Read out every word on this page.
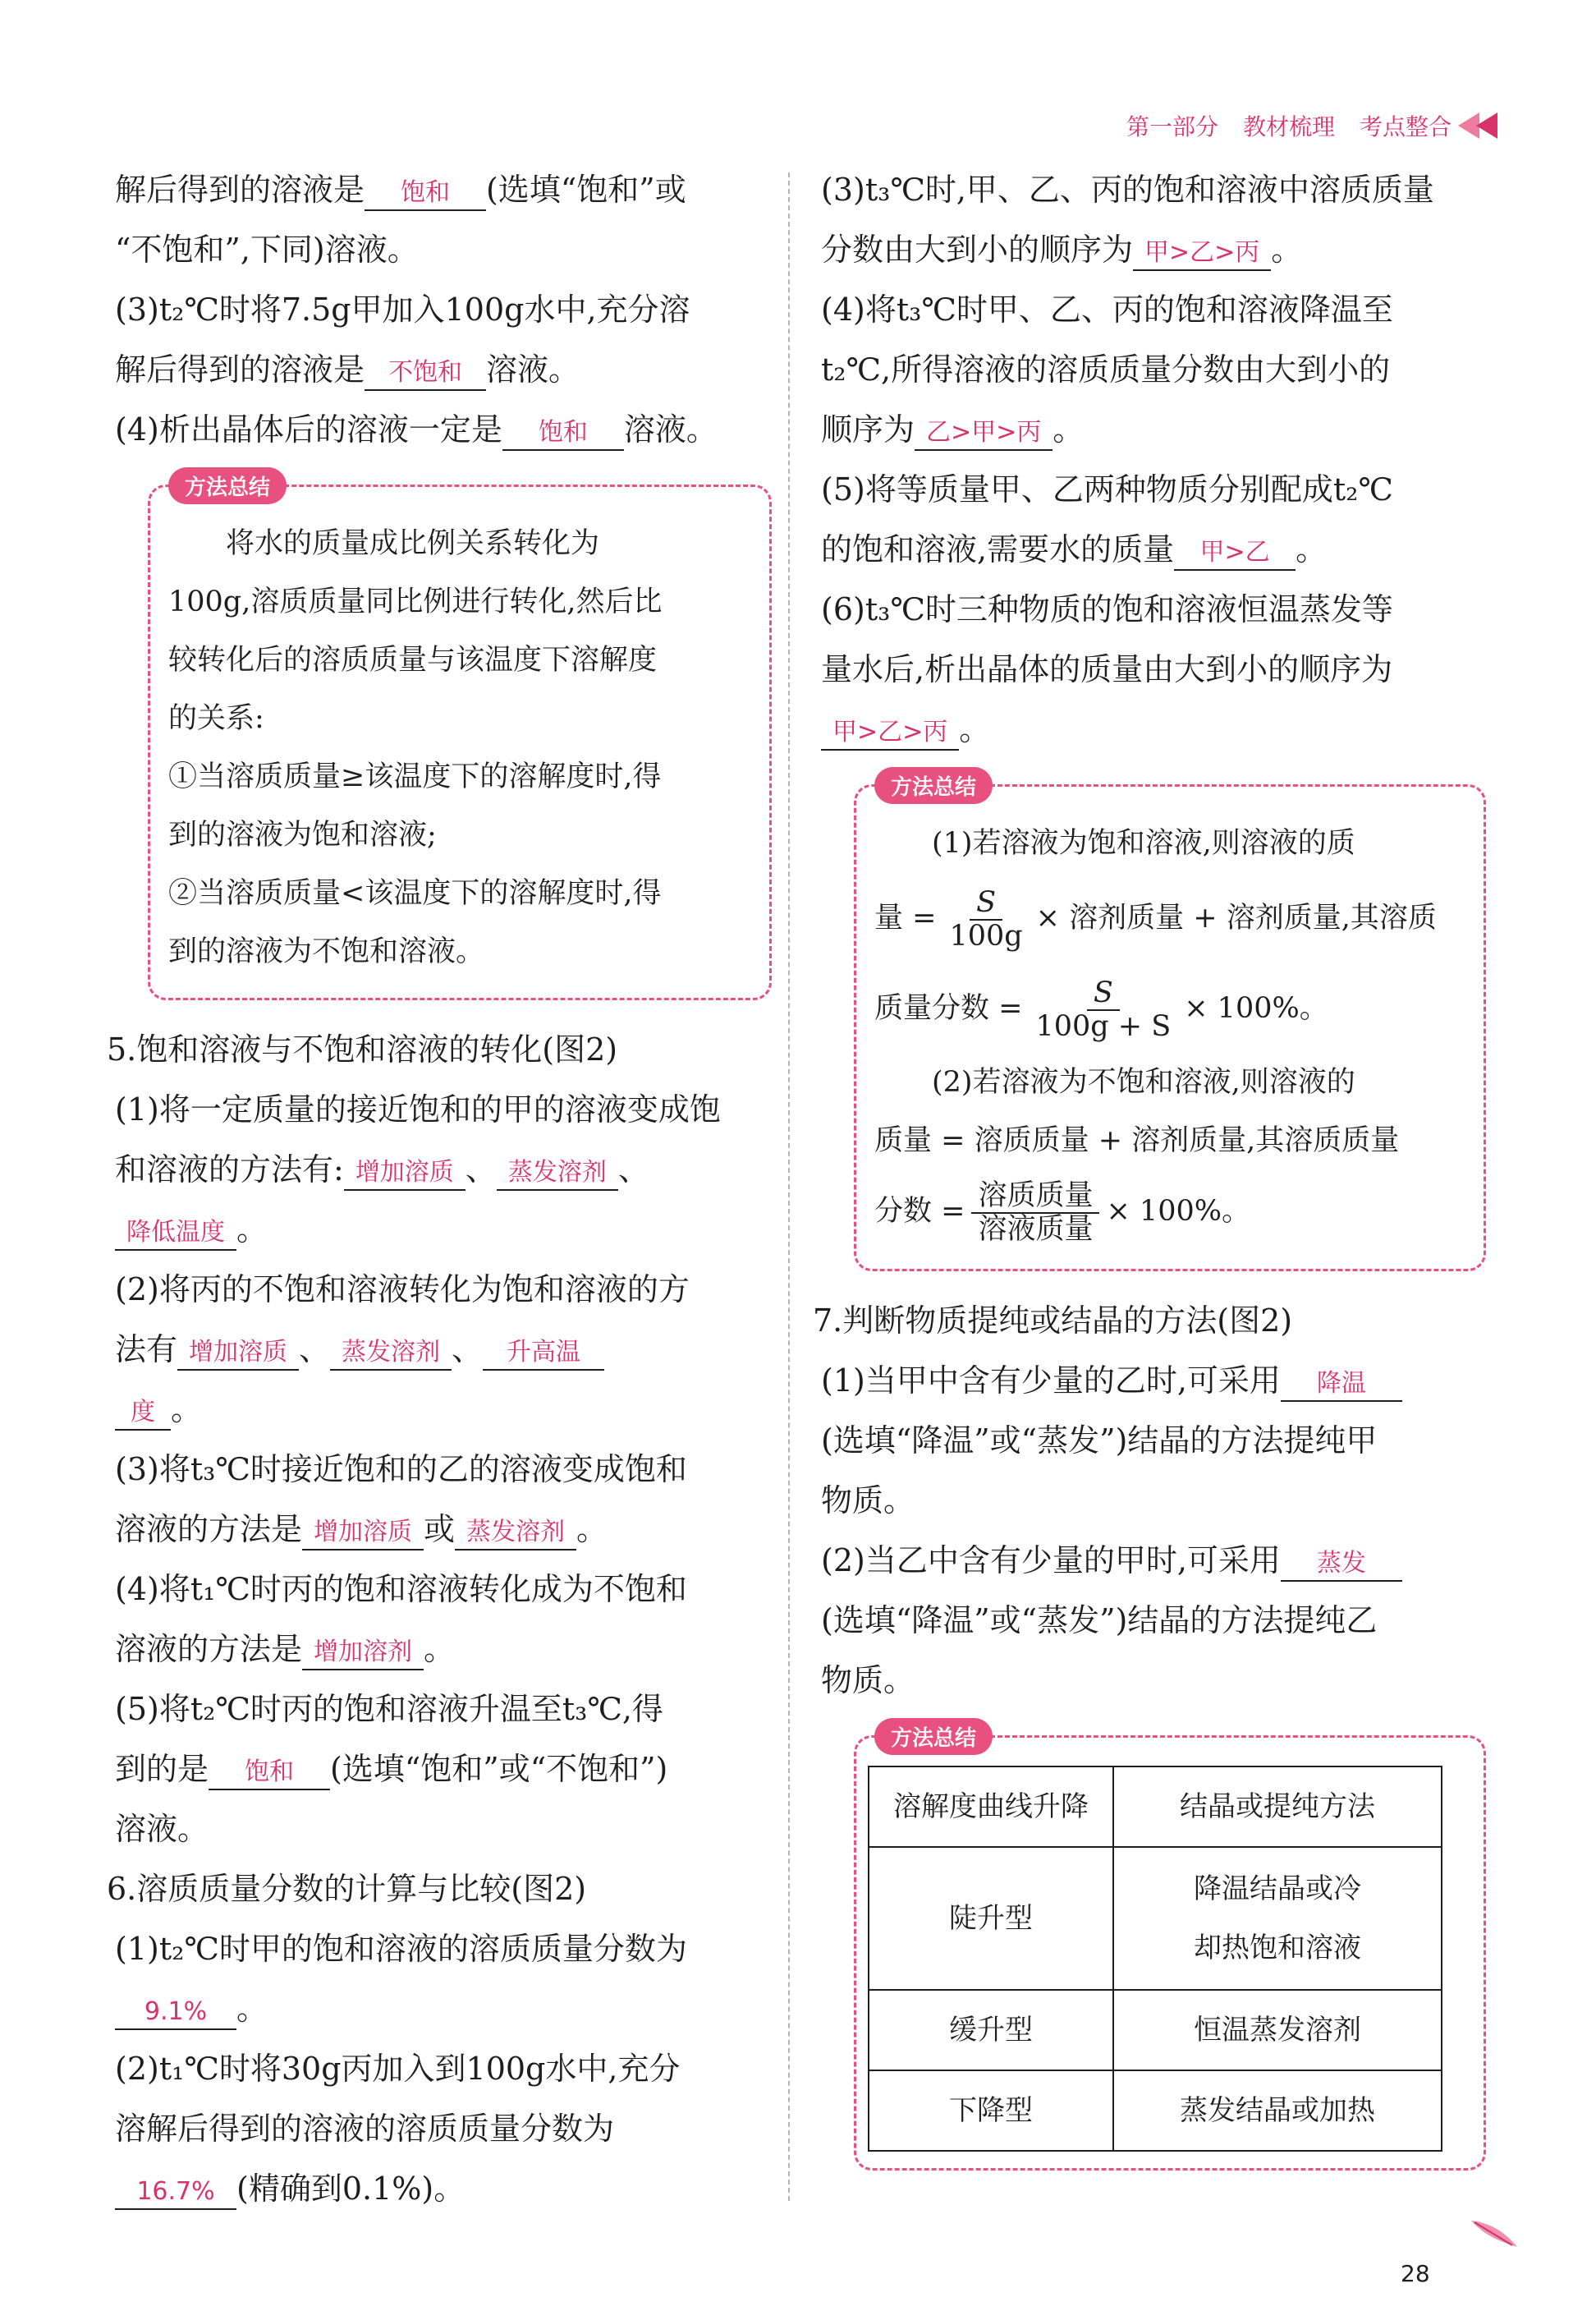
第一部分 教材梳理 考点整合

解后得到的溶液是 饱和 (选填“饱和”或

“不饱和”,下同)溶液。

(3)t₂℃时将7.5g甲加入100g水中,充分溶

解后得到的溶液是 不饱和 溶液。

(4)析出晶体后的溶液一定是 饱和 溶液。

方法总结

将水的质量成比例关系转化为

100g,溶质质量同比例进行转化,然后比

较转化后的溶质质量与该温度下溶解度

的关系:

①当溶质质量≥该温度下的溶解度时,得

到的溶液为饱和溶液;

②当溶质质量<该温度下的溶解度时,得

到的溶液为不饱和溶液。

5.饱和溶液与不饱和溶液的转化(图2)

(1)将一定质量的接近饱和的甲的溶液变成饱

和溶液的方法有: 增加溶质 、 蒸发溶剂 、

降低温度 。

(2)将丙的不饱和溶液转化为饱和溶液的方

法有 增加溶质 、 蒸发溶剂 、 升高温

度 。

(3)将t₃℃时接近饱和的乙的溶液变成饱和

溶液的方法是 增加溶质 或 蒸发溶剂 。

(4)将t₁℃时丙的饱和溶液转化成为不饱和

溶液的方法是 增加溶剂 。

(5)将t₂℃时丙的饱和溶液升温至t₃℃,得

到的是 饱和 (选填“饱和”或“不饱和”)

溶液。

6.溶质质量分数的计算与比较(图2)

(1)t₂℃时甲的饱和溶液的溶质质量分数为

9.1% 。

(2)t₁℃时将30g丙加入到100g水中,充分

溶解后得到的溶液的溶质质量分数为

16.7% (精确到0.1%)。

(3)t₃℃时,甲、乙、丙的饱和溶液中溶质质量

分数由大到小的顺序为 甲>乙>丙 。

(4)将t₃℃时甲、乙、丙的饱和溶液降温至

t₂℃,所得溶液的溶质质量分数由大到小的

顺序为 乙>甲>丙 。

(5)将等质量甲、乙两种物质分别配成t₂℃

的饱和溶液,需要水的质量 甲>乙 。

(6)t₃℃时三种物质的饱和溶液恒温蒸发等

量水后,析出晶体的质量由大到小的顺序为

甲>乙>丙 。

方法总结

(1)若溶液为饱和溶液,则溶液的质

量 = $\frac{S}{100g}$ × 溶剂质量 + 溶剂质量,其溶质

质量分数 = $\frac{S}{100g + S} \times 100\%$。

(2)若溶液为不饱和溶液,则溶液的

质量 = 溶质质量 + 溶剂质量,其溶质质量

分数 = $\frac{\text{溶质质量}}{\text{溶液质量}} \times 100\%$。

7.判断物质提纯或结晶的方法(图2)

(1)当甲中含有少量的乙时,可采用 降温

(选填“降温”或“蒸发”)结晶的方法提纯甲

物质。

(2)当乙中含有少量的甲时,可采用 蒸发

(选填“降温”或“蒸发”)结晶的方法提纯乙

物质。

方法总结
溶解度曲线升降	结晶或提纯方法
陡升型	降温结晶或冷
却热饱和溶液

缓升型	恒温蒸发溶剂
下降型	蒸发结晶或加热
28
